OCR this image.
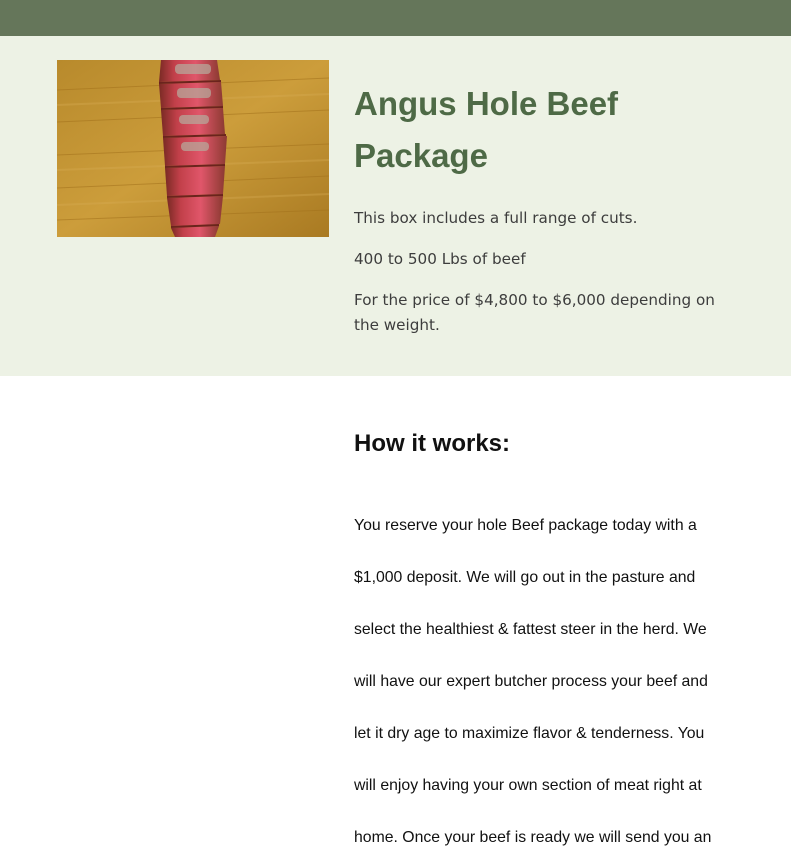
Angus Hole Beef Package

This box includes a full range of cuts.

400 to 500 Lbs of beef

For the price of $4,800 to $6,000 depending on the weight.

How it works:

You reserve your hole Beef package today with a $1,000 deposit. We will go out in the pasture and select the healthiest & fattest steer in the herd. We will have our expert butcher process your beef and let it dry age to maximize flavor & tenderness. You will enjoy having your own section of meat right at home. Once your beef is ready we will send you an
